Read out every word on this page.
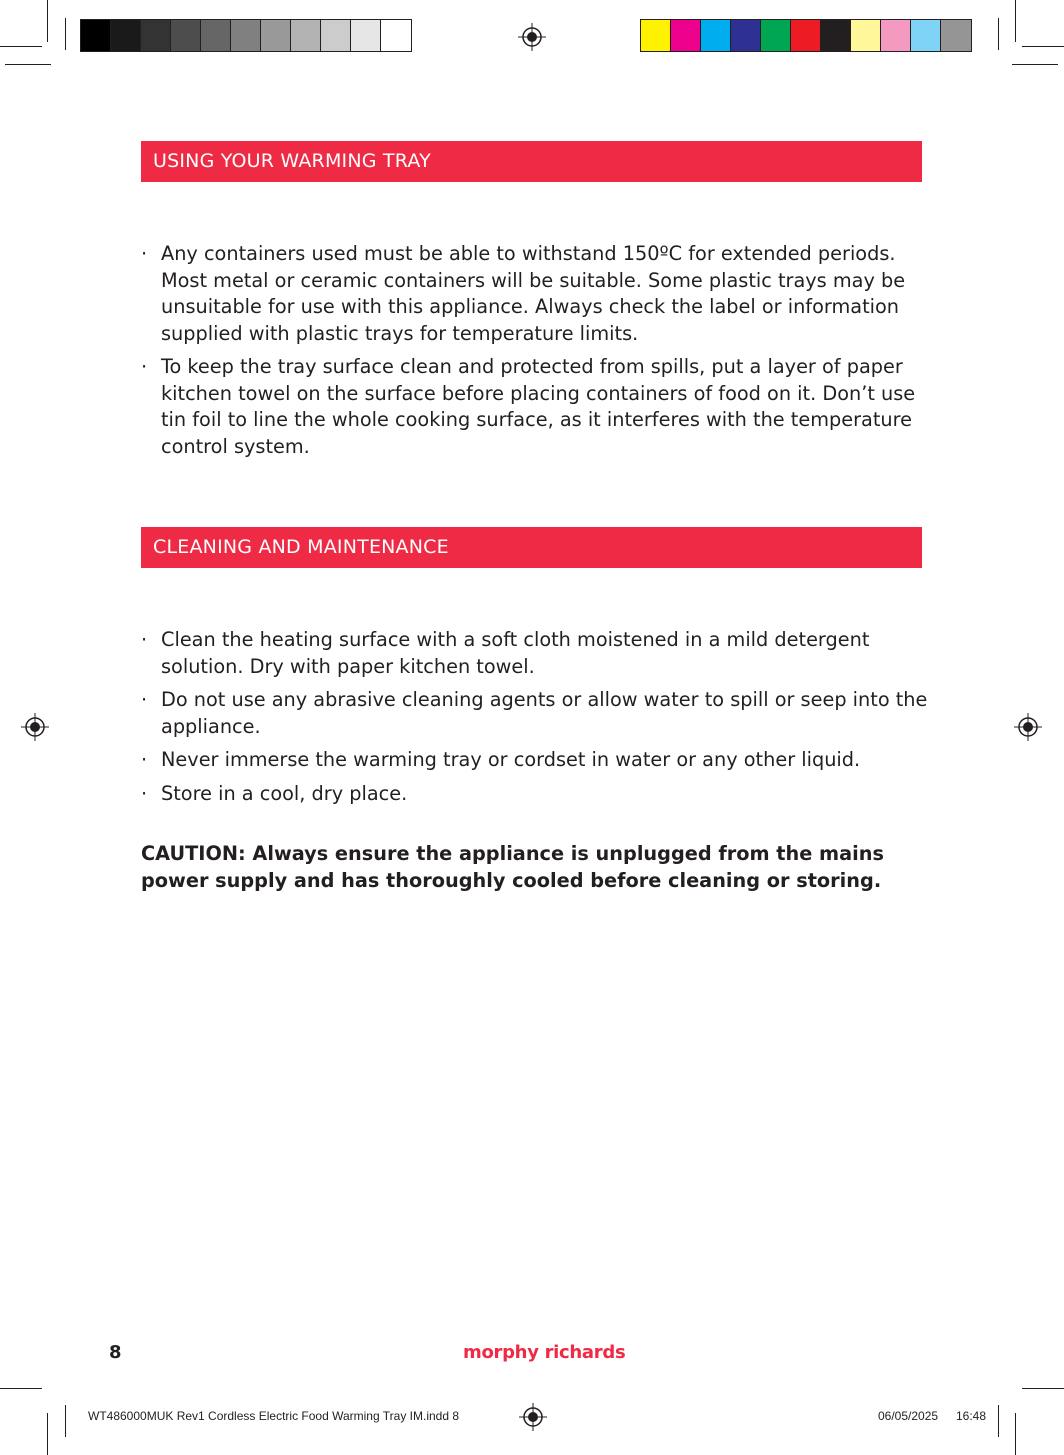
USING YOUR WARMING TRAY
· Any containers used must be able to withstand 150ºC for extended periods. Most metal or ceramic containers will be suitable. Some plastic trays may be unsuitable for use with this appliance. Always check the label or information supplied with plastic trays for temperature limits.
· To keep the tray surface clean and protected from spills, put a layer of paper kitchen towel on the surface before placing containers of food on it. Don’t use tin foil to line the whole cooking surface, as it interferes with the temperature control system.
CLEANING AND MAINTENANCE
· Clean the heating surface with a soft cloth moistened in a mild detergent solution. Dry with paper kitchen towel.
· Do not use any abrasive cleaning agents or allow water to spill or seep into the appliance.
· Never immerse the warming tray or cordset in water or any other liquid.
· Store in a cool, dry place.
CAUTION: Always ensure the appliance is unplugged from the mains power supply and has thoroughly cooled before cleaning or storing.
8	morphy richards
WT486000MUK Rev1 Cordless Electric Food Warming Tray IM.indd 8	06/05/2025 16:48
